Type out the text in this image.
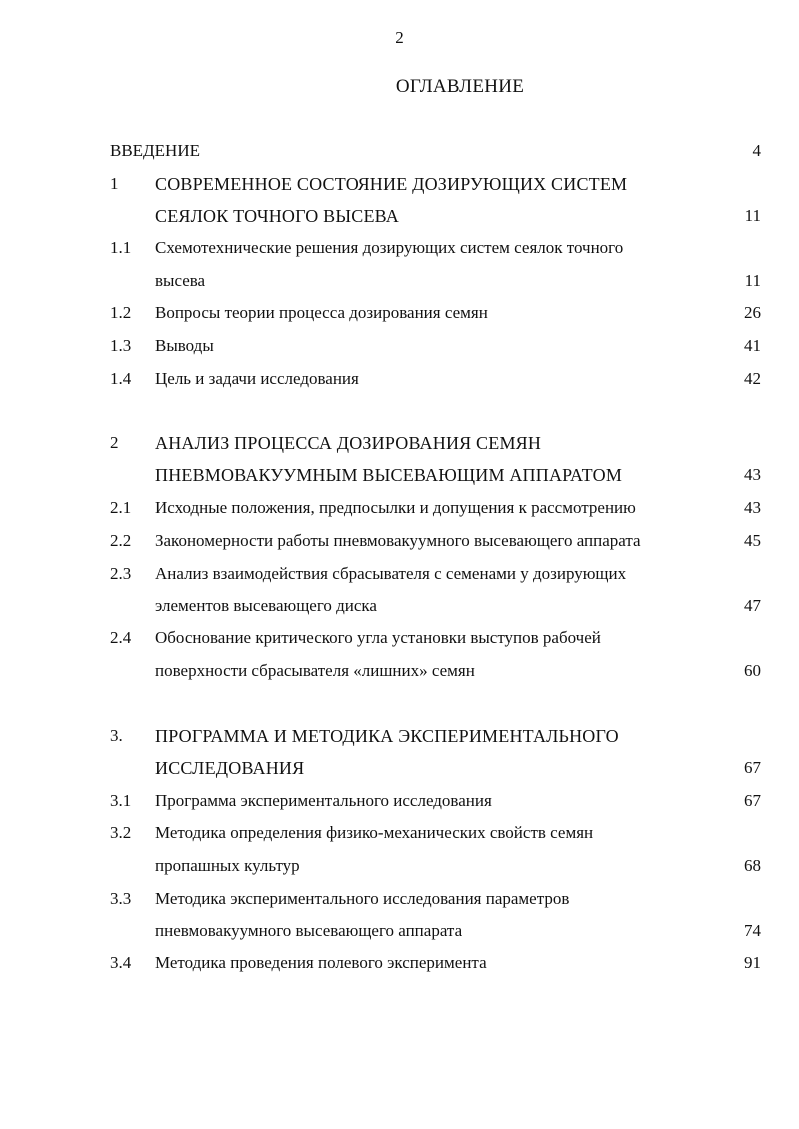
2
ОГЛАВЛЕНИЕ
ВВЕДЕНИЕ	4
1 СОВРЕМЕННОЕ СОСТОЯНИЕ ДОЗИРУЮЩИХ СИСТЕМ
СЕЯЛОК ТОЧНОГО ВЫСЕВА	11
1.1 Схемотехнические решения дозирующих систем сеялок точного
высева	11
1.2 Вопросы теории процесса дозирования семян	26
1.3 Выводы	41
1.4 Цель и задачи исследования	42
2 АНАЛИЗ ПРОЦЕССА ДОЗИРОВАНИЯ СЕМЯН
ПНЕВМОВАКУУМНЫМ ВЫСЕВАЮЩИМ АППАРАТОМ	43
2.1 Исходные положения, предпосылки и допущения к рассмотрению	43
2.2 Закономерности работы пневмовакуумного высевающего аппарата	45
2.3 Анализ взаимодействия сбрасывателя с семенами у дозирующих
элементов высевающего диска	47
2.4 Обоснование критического угла установки выступов рабочей
поверхности сбрасывателя «лишних» семян	60
3. ПРОГРАММА И МЕТОДИКА ЭКСПЕРИМЕНТАЛЬНОГО
ИССЛЕДОВАНИЯ	67
3.1 Программа экспериментального исследования	67
3.2 Методика определения физико-механических свойств семян
пропашных культур	68
3.3 Методика экспериментального исследования параметров
пневмовакуумного высевающего аппарата	74
3.4 Методика проведения полевого эксперимента	91
